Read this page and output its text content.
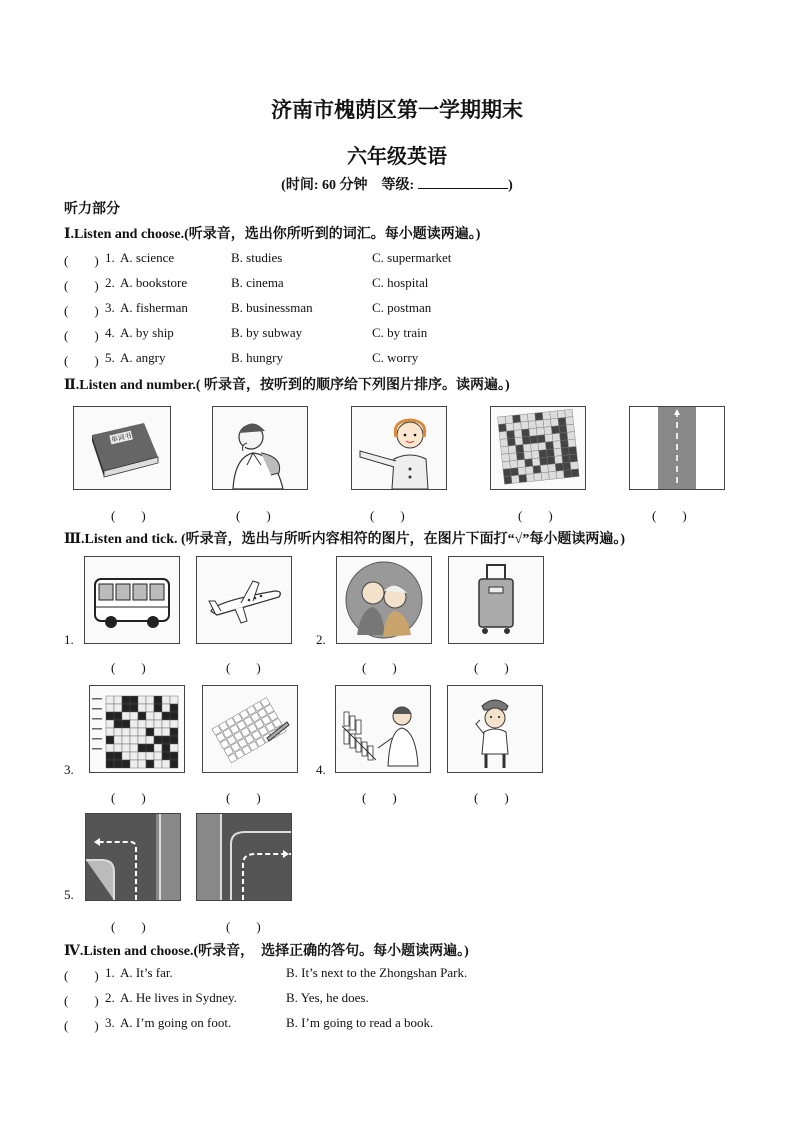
济南市槐荫区第一学期期末
六年级英语
(时间: 60 分钟　等级:	)
听力部分
Ⅰ.Listen and choose.(听录音，选出你所听到的词汇。每小题读两遍。)
(　　) 1. A. science	B. studies	C. supermarket
(　　) 2. A. bookstore	B. cinema	C. hospital
(　　) 3. A. fisherman	B. businessman	C. postman
(　　) 4. A. by ship	B. by subway	C. by train
(　　) 5. A. angry	B. hungry	C. worry
Ⅱ.Listen and number.( 听录音，按听到的顺序给下列图片排序。读两遍。)
单词书
(　　)	(　　)	(　　)	(　　)	(　　)
Ⅲ.Listen and tick. (听录音，选出与所听内容相符的图片，在图片下面打“√”每小题读两遍。)
1.	2.
(　　)	(　　)	(　　)	(　　)
3.	4.
(　　)	(　　)	(　　)	(　　)
5.
(　　)	(　　)
Ⅳ.Listen and choose.(听录音，　选择正确的答句。每小题读两遍。)
(　　) 1. A. It’s far.	B. It’s next to the Zhongshan Park.
(　　) 2. A. He lives in Sydney.	B. Yes, he does.
(　　) 3. A. I’m going on foot.	B. I’m going to read a book.
